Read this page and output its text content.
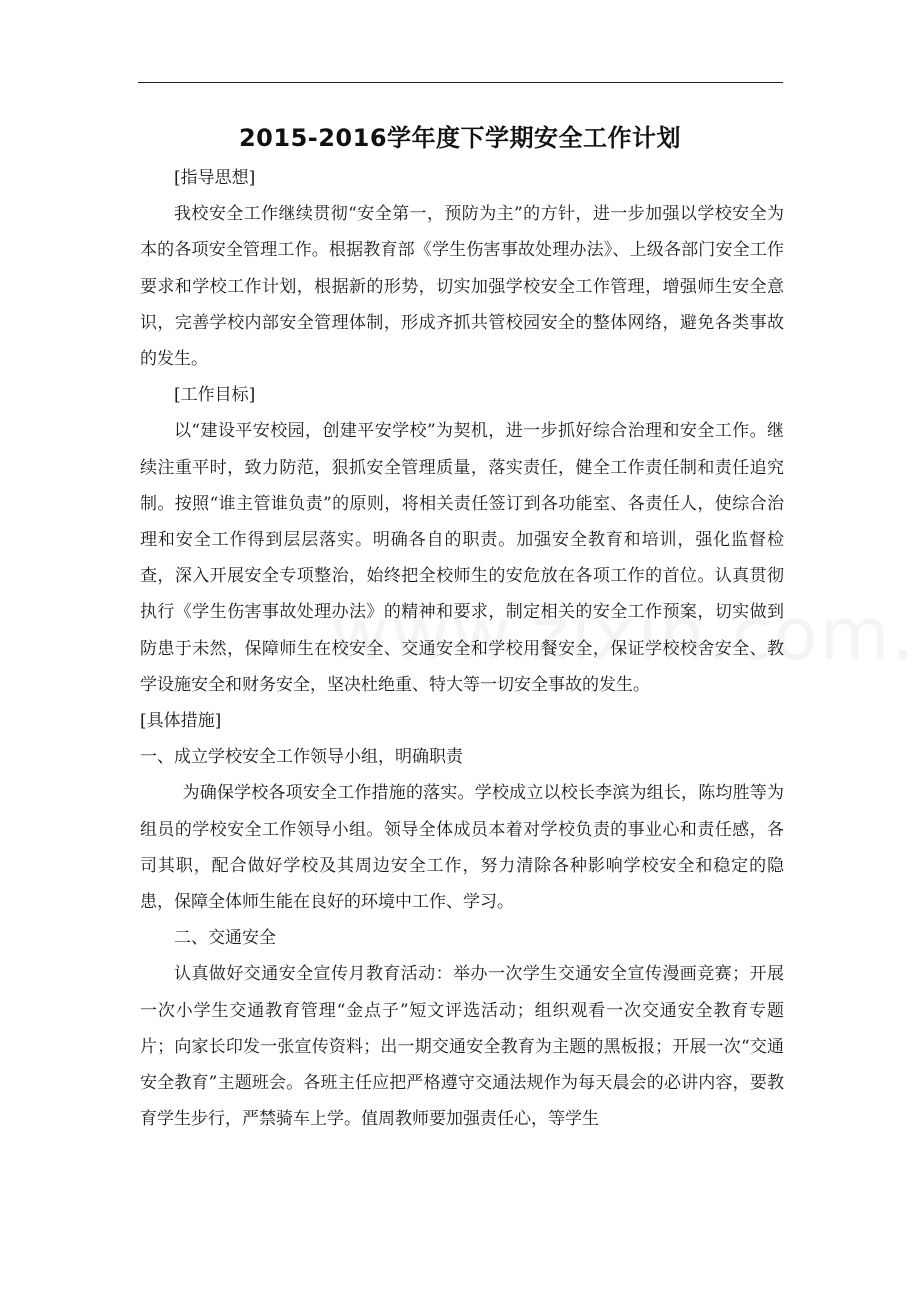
2015-2016学年度下学期安全工作计划

[指导思想]

我校安全工作继续贯彻“安全第一，预防为主”的方针，进一步加强以学校安全为本的各项安全管理工作。根据教育部《学生伤害事故处理办法》、上级各部门安全工作要求和学校工作计划，根据新的形势，切实加强学校安全工作管理，增强师生安全意识，完善学校内部安全管理体制，形成齐抓共管校园安全的整体网络，避免各类事故的发生。

[工作目标]

以“建设平安校园，创建平安学校”为契机，进一步抓好综合治理和安全工作。继续注重平时，致力防范，狠抓安全管理质量，落实责任，健全工作责任制和责任追究制。按照“谁主管谁负责”的原则，将相关责任签订到各功能室、各责任人，使综合治理和安全工作得到层层落实。明确各自的职责。加强安全教育和培训，强化监督检查，深入开展安全专项整治，始终把全校师生的安危放在各项工作的首位。认真贯彻执行《学生伤害事故处理办法》的精神和要求，制定相关的安全工作预案，切实做到防患于未然，保障师生在校安全、交通安全和学校用餐安全，保证学校校舍安全、教学设施安全和财务安全，坚决杜绝重、特大等一切安全事故的发生。

[具体措施]

一、成立学校安全工作领导小组，明确职责

为确保学校各项安全工作措施的落实。学校成立以校长李滨为组长，陈均胜等为组员的学校安全工作领导小组。领导全体成员本着对学校负责的事业心和责任感，各司其职，配合做好学校及其周边安全工作，努力清除各种影响学校安全和稳定的隐患，保障全体师生能在良好的环境中工作、学习。

二、交通安全

认真做好交通安全宣传月教育活动：举办一次学生交通安全宣传漫画竞赛；开展一次小学生交通教育管理“金点子”短文评选活动；组织观看一次交通安全教育专题片；向家长印发一张宣传资料；出一期交通安全教育为主题的黑板报；开展一次“交通安全教育”主题班会。各班主任应把严格遵守交通法规作为每天晨会的必讲内容，要教育学生步行，严禁骑车上学。值周教师要加强责任心，等学生
